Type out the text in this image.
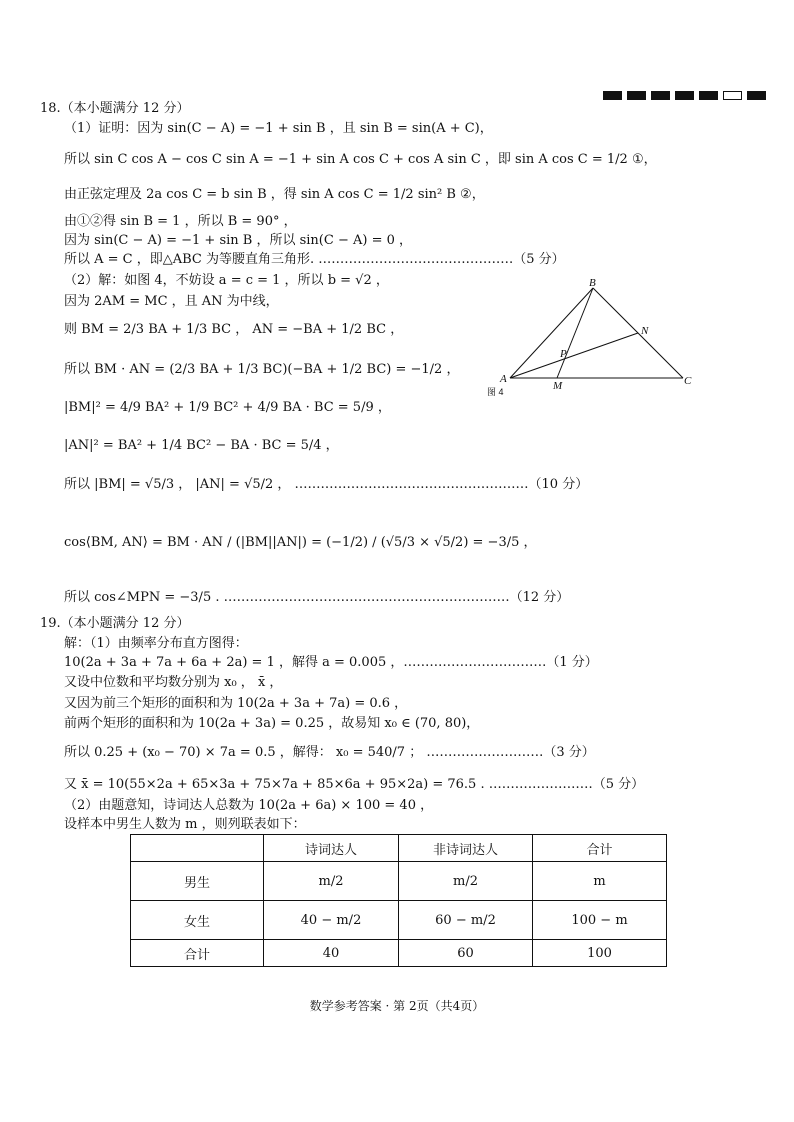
18.（本小题满分 12 分）
（1）证明：因为 sin(C − A) = −1 + sin B ，且 sin B = sin(A + C)，
所以 sin C cos A − cos C sin A = −1 + sin A cos C + cos A sin C ，即 sin A cos C = 1/2 ①，
由正弦定理及 2a cos C = b sin B ，得 sin A cos C = 1/2 sin² B ②，
由①②得 sin B = 1 ，所以 B = 90° ，
因为 sin(C − A) = −1 + sin B ，所以 sin(C − A) = 0 ，
所以 A = C ，即△ABC 为等腰直角三角形. ………………………………………（5 分）
（2）解：如图 4，不妨设 a = c = 1 ，所以 b = √2 ，
因为 2AM = MC ，且 AN 为中线，
则 BM = 2/3 BA + 1/3 BC ， AN = −BA + 1/2 BC ，
所以 BM · AN = (2/3 BA + 1/3 BC)(−BA + 1/2 BC) = −1/2 ，
|BM|² = 4/9 BA² + 1/9 BC² + 4/9 BA · BC = 5/9 ，
|AN|² = BA² + 1/4 BC² − BA · BC = 5/4 ，
所以 |BM| = √5/3 ， |AN| = √5/2 ， ………………………………………………（10 分）
cos⟨BM, AN⟩ = BM · AN / (|BM||AN|) = (−1/2) / (√5/3 × √5/2) = −3/5 ，
所以 cos∠MPN = −3/5 . …………………………………………………………（12 分）
B
N
P
A
M	C
图 4
19.（本小题满分 12 分）
解：（1）由频率分布直方图得：
10(2a + 3a + 7a + 6a + 2a) = 1 ，解得 a = 0.005 ，……………………………（1 分）
又设中位数和平均数分别为 x₀ ， x̄ ，
又因为前三个矩形的面积和为 10(2a + 3a + 7a) = 0.6 ，
前两个矩形的面积和为 10(2a + 3a) = 0.25 ，故易知 x₀ ∈ (70, 80)，
所以 0.25 + (x₀ − 70) × 7a = 0.5 ，解得： x₀ = 540/7 ； ………………………（3 分）
又 x̄ = 10(55×2a + 65×3a + 75×7a + 85×6a + 95×2a) = 76.5 . ……………………（5 分）
（2）由题意知，诗词达人总数为 10(2a + 6a) × 100 = 40 ，
设样本中男生人数为 m ，则列联表如下：
	诗词达人	非诗词达人	合计
男生	m/2	m/2	m
女生	40 − m/2	60 − m/2	100 − m
合计	40	60	100
数学参考答案 · 第 2页（共4页）
